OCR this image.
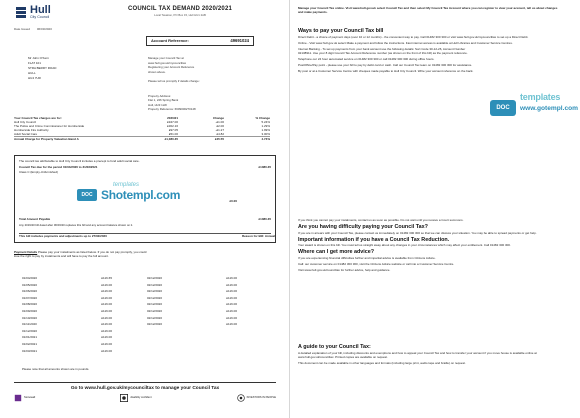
Hull
City Council
Date Issued 06/03/2020
COUNCIL TAX DEMAND 2020/2021
Local Taxation, PO Box 15, Hull HU1 2AB
Account Reference:	49691024
Mr John O'Kern
FLAT 101
STRA BERRY ROAD
HULL
HU4 7UR
Manage your Council Tax at
www.hull.gov.uk/mycounciltax
Registering your Account Reference
shown above.

Please tell us promptly if details change:
Property Address:
Flat 1, 226 Spring Bank
Hull, HU3 1LW
Property Reference: 6609000270148
Your Council Tax charges are for:	2020/21	Change	% Change
Hull City Council	£947.00	-£1.00	5.24%
The Police and Crime Commissioner for Humberside	£302.16	£2.00	1.29%
Humberside Fire Authority	£97.05	-£1.27	1.99%
Adult Social Care	£51.00	£4.82	3.00%
Annual Charge for Property Valuation Band A	£1,080.35	£45.55	4.74%
The council tax attributable to Hull City Council includes a precept to fund adult social care.
Council Tax due for the period 01/04/2020 to 31/03/2021	£1080.35
Class C (Empty-Unfurnished)
£0.00
templates
DOC Shotempl.com
Total Amount Payable	£1080.35
Any 2019/20 bill dated after 06/03/20 replaces this bill and any account balance shown on it.
This bill includes payments and adjustments up to 27/02/2020	Reason for Bill: Annual
Payment Details Please pay your instalments as listed below. If you do not pay promptly, you could lose the right to pay by instalments and will have to pay the full amount.
01/04/2020	£116.65
01/05/2020	£116.00
01/06/2020	£116.00
01/07/2020	£116.00
01/08/2020	£116.00
01/09/2020	£116.00
01/10/2020	£116.00
01/11/2020	£116.00
01/12/2020	£116.00
01/01/2021	£116.00
01/02/2021	£116.00
01/03/2021	£116.00
02/12/2020	£116.00
02/12/2020	£116.00
02/12/2020	£116.00
02/12/2020	£116.00
02/12/2020	£116.00
02/12/2020	£116.00
02/12/2020	£116.00
02/12/2020	£116.00
Please note that all amounts shown are in pounds.
Go to www.hull.gov.uk/mycounciltax to manage your Council Tax
Stonewall	disability confident	INVESTORS IN PEOPLE
Manage your Council Tax online. Visit www.hull.gov.uk select Council Tax and then select My Council Tax Account where you can register to view your account, tell us about changes and make payments.
Ways to pay your Council Tax bill
Direct Debit - a choice of payment days (over 10 or 12 months) - the convenient way to pay. Call 01482 300 300 or visit www.hull.gov.uk/mycounciltax to set up a Direct Debit.
Online - Visit www.hull.gov.uk select Make a payment and follow the instructions. Fast internet access is available at Hull Libraries and Customer Service Centres.
Internet Banking - To set up payments from your bank account use the following details: Sort Code 30-12-26, Account Number 02138911. Use your 8 digit Council Tax Account Reference number (as shown on the front of this bill) as the payment reference.
Telephone our 24 hour automated service on 01482 300 300 or call 01482 300 300 during office hours.
PostOffice/Pay point - please use your bill to pay by debit card or cash. Call our Council Tax team on 01482 300 300 for assistance.
By post or at a Customer Service Centre with cheques made payable to Hull City Council. Write your account reference on the back.
templates
DOC	www.gotempl.com
If you think you cannot pay your instalments, contact us as soon as possible. Do not wait until you receive a Court summons.
Are you having difficulty paying your Council Tax?
If you are in arrears with your Council Tax, please contact us immediately on 01482 300 300 so that we can discuss your situation. You may be able to spread payments or get help.
Important information if you have a Council Tax Reduction.
Your award is shown on this bill. You must tell us straight away about any changes in your circumstances which may affect your entitlement. Call 01482 300 300.
Where can I get more advice?
If you are experiencing financial difficulties further and impartial advice is available from Citizens Advice.
Call: our customer service on 01482 300 300, visit the Citizens Advice website or call into a Customer Service Centre.
Visit www.hull.gov.uk/counciltax for further advice, help and guidance.
A guide to your Council Tax:
A detailed explanation of your bill, including discounts and exemptions and how to appeal your Council Tax and how to transfer your account if you move house is available online at www.hull.gov.uk/counciltax. Printed copies are available on request.
This document can be made available in other languages and formats (including large print, audio tape and braille) on request.
